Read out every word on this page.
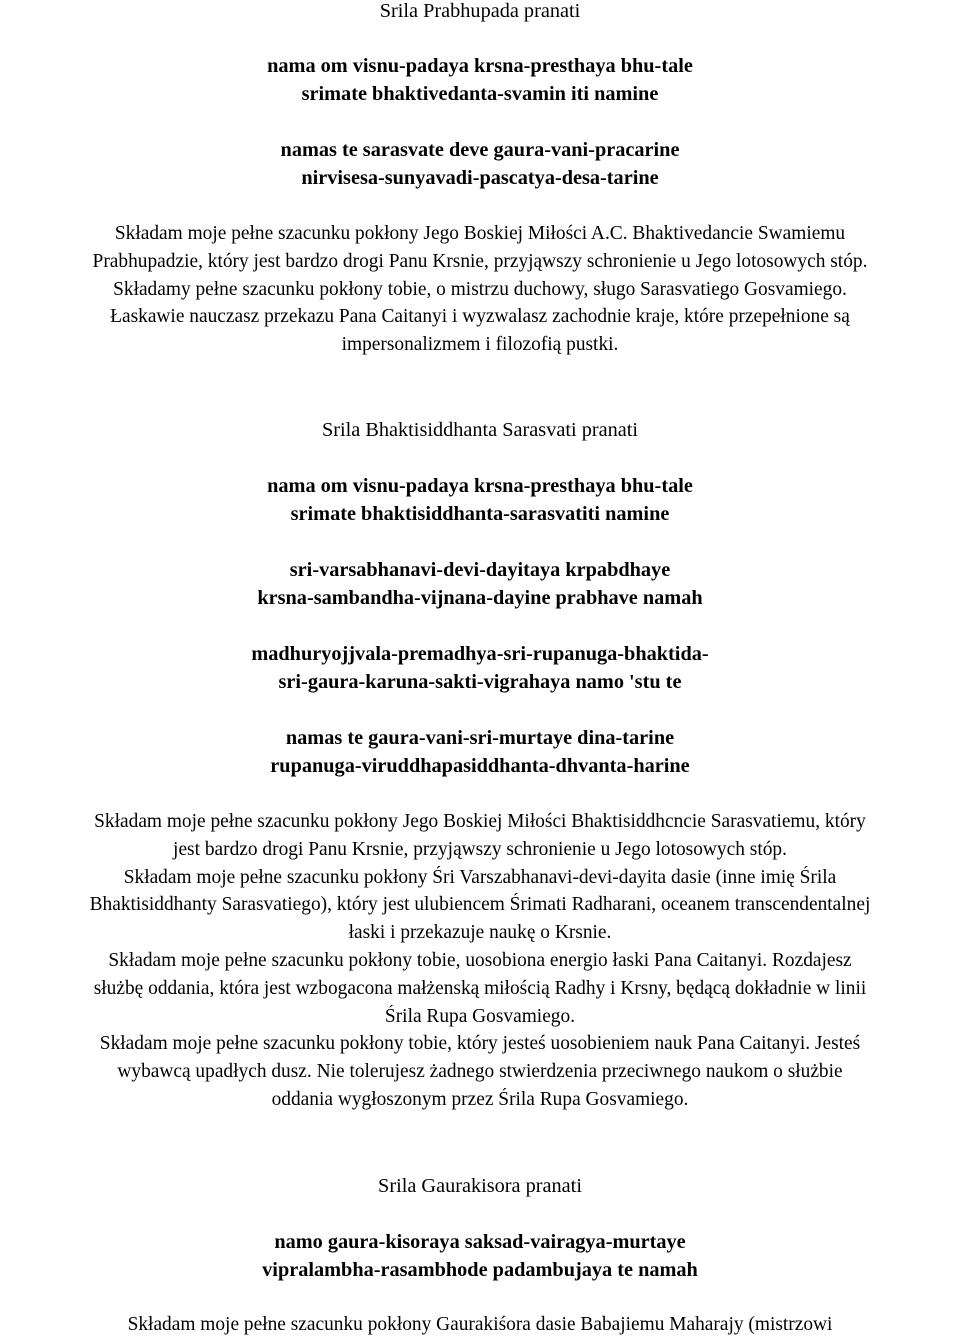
Srila Prabhupada pranati
nama om visnu-padaya krsna-presthaya bhu-tale
srimate bhaktivedanta-svamin iti namine
namas te sarasvate deve gaura-vani-pracarine
nirvisesa-sunyavadi-pascatya-desa-tarine
Składam moje pełne szacunku pokłony Jego Boskiej Miłości A.C. Bhaktivedancie Swamiemu
Prabhupadzie, który jest bardzo drogi Panu Krsnie, przyjąwszy schronienie u Jego lotosowych stóp.
Składamy pełne szacunku pokłony tobie, o mistrzu duchowy, sługo Sarasvatiego Gosvamiego.
Łaskawie nauczasz przekazu Pana Caitanyi i wyzwalasz zachodnie kraje, które przepełnione są
impersonalizmem i filozofią pustki.
Srila Bhaktisiddhanta Sarasvati pranati
nama om visnu-padaya krsna-presthaya bhu-tale
srimate bhaktisiddhanta-sarasvatiti namine
sri-varsabhanavi-devi-dayitaya krpabdhaye
krsna-sambandha-vijnana-dayine prabhave namah
madhuryojjvala-premadhya-sri-rupanuga-bhaktida-
sri-gaura-karuna-sakti-vigrahaya namo 'stu te
namas te gaura-vani-sri-murtaye dina-tarine
rupanuga-viruddhapasiddhanta-dhvanta-harine
Składam moje pełne szacunku pokłony Jego Boskiej Miłości Bhaktisiddhcncie Sarasvatiemu, który
jest bardzo drogi Panu Krsnie, przyjąwszy schronienie u Jego lotosowych stóp.
Składam moje pełne szacunku pokłony Śri Varszabhanavi-devi-dayita dasie (inne imię Śrila
Bhaktisiddhanty Sarasvatiego), który jest ulubiencem Śrimati Radharani, oceanem transcendentalnej
łaski i przekazuje naukę o Krsnie.
Składam moje pełne szacunku pokłony tobie, uosobiona energio łaski Pana Caitanyi. Rozdajesz
służbę oddania, która jest wzbogacona małżenską miłością Radhy i Krsny, będącą dokładnie w linii
Śrila Rupa Gosvamiego.
Składam moje pełne szacunku pokłony tobie, który jesteś uosobieniem nauk Pana Caitanyi. Jesteś
wybawcą upadłych dusz. Nie tolerujesz żadnego stwierdzenia przeciwnego naukom o służbie
oddania wygłoszonym przez Śrila Rupa Gosvamiego.
Srila Gaurakisora pranati
namo gaura-kisoraya saksad-vairagya-murtaye
vipralambha-rasambhode padambujaya te namah
Składam moje pełne szacunku pokłony Gaurakiśora dasie Babajiemu Maharajy (mistrzowi
